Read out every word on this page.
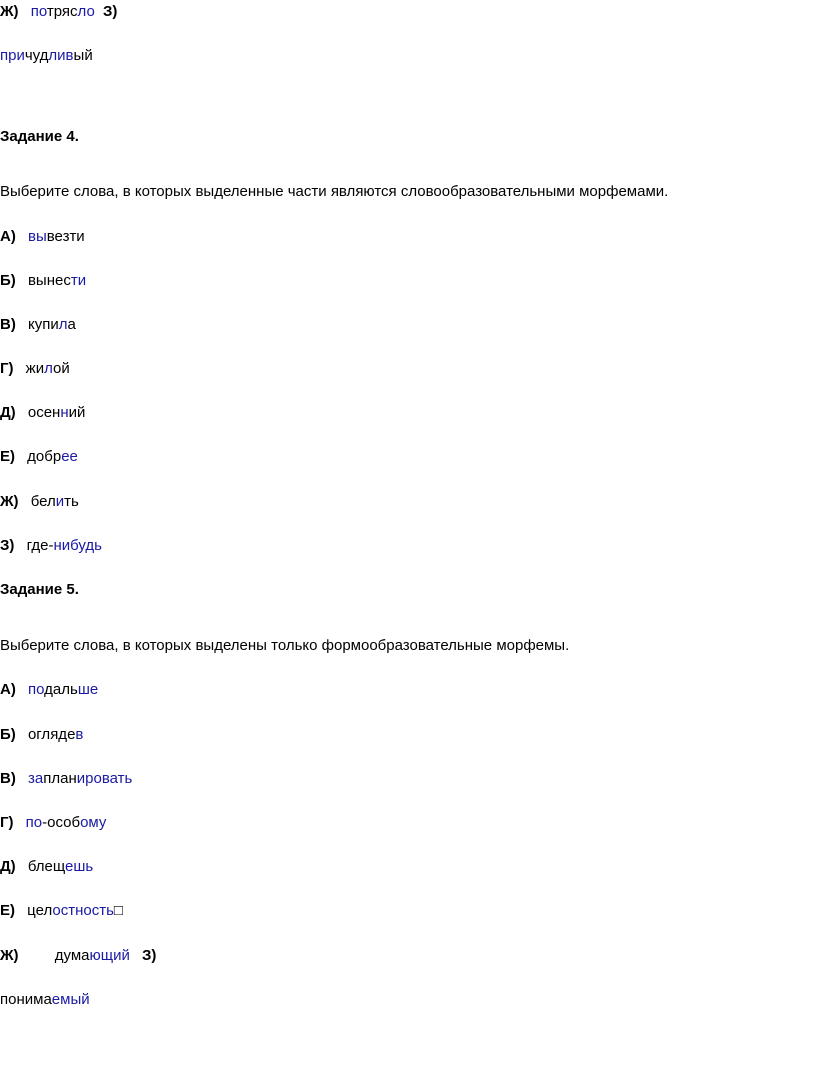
Ж) потрясло З)
причудливый
Задание 4.
Выберите слова, в которых выделенные части являются словообразовательными морфемами.
А) вывезти
Б) вынести
В) купила
Г) жилой
Д) осенний
Е) добрее
Ж) белить
З) где-нибудь
Задание 5.
Выберите слова, в которых выделены только формообразовательные морфемы.
А) подальше
Б) оглядев
В) запланировать
Г) по-особому
Д) блещешь
Е) целостность□
Ж) думающий З)
понимаемый
